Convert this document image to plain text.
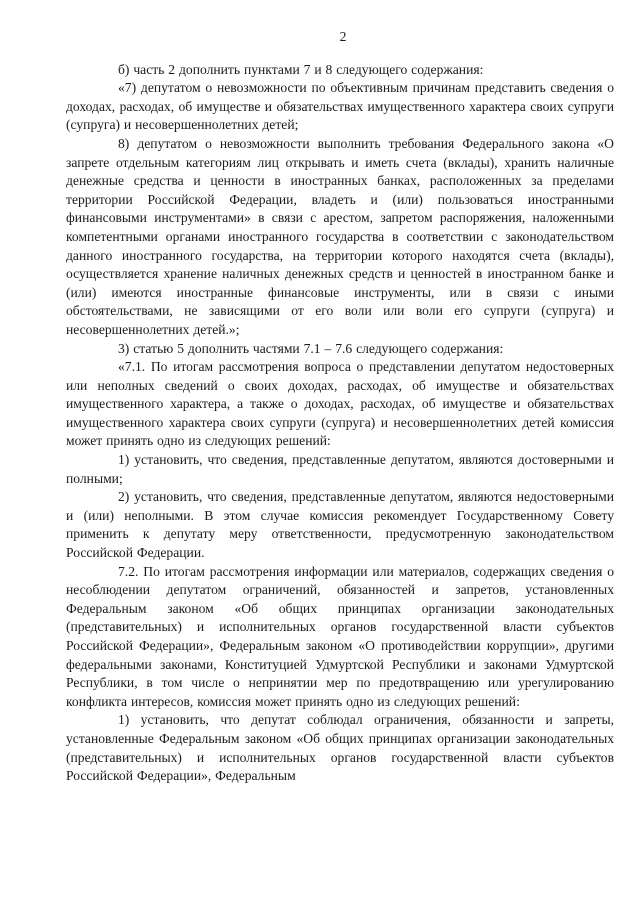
2

б) часть 2 дополнить пунктами 7 и 8 следующего содержания:

«7) депутатом о невозможности по объективным причинам представить сведения о доходах, расходах, об имуществе и обязательствах имущественного характера своих супруги (супруга) и несовершеннолетних детей;

8) депутатом о невозможности выполнить требования Федерального закона «О запрете отдельным категориям лиц открывать и иметь счета (вклады), хранить наличные денежные средства и ценности в иностранных банках, расположенных за пределами территории Российской Федерации, владеть и (или) пользоваться иностранными финансовыми инструментами» в связи с арестом, запретом распоряжения, наложенными компетентными органами иностранного государства в соответствии с законодательством данного иностранного государства, на территории которого находятся счета (вклады), осуществляется хранение наличных денежных средств и ценностей в иностранном банке и (или) имеются иностранные финансовые инструменты, или в связи с иными обстоятельствами, не зависящими от его воли или воли его супруги (супруга) и несовершеннолетних детей.»;

3) статью 5 дополнить частями 7.1 – 7.6 следующего содержания:

«7.1. По итогам рассмотрения вопроса о представлении депутатом недостоверных или неполных сведений о своих доходах, расходах, об имуществе и обязательствах имущественного характера, а также о доходах, расходах, об имуществе и обязательствах имущественного характера своих супруги (супруга) и несовершеннолетних детей комиссия может принять одно из следующих решений:

1) установить, что сведения, представленные депутатом, являются достоверными и полными;

2) установить, что сведения, представленные депутатом, являются недостоверными и (или) неполными. В этом случае комиссия рекомендует Государственному Совету применить к депутату меру ответственности, предусмотренную законодательством Российской Федерации.

7.2. По итогам рассмотрения информации или материалов, содержащих сведения о несоблюдении депутатом ограничений, обязанностей и запретов, установленных Федеральным законом «Об общих принципах организации законодательных (представительных) и исполнительных органов государственной власти субъектов Российской Федерации», Федеральным законом «О противодействии коррупции», другими федеральными законами, Конституцией Удмуртской Республики и законами Удмуртской Республики, в том числе о непринятии мер по предотвращению или урегулированию конфликта интересов, комиссия может принять одно из следующих решений:

1) установить, что депутат соблюдал ограничения, обязанности и запреты, установленные Федеральным законом «Об общих принципах организации законодательных (представительных) и исполнительных органов государственной власти субъектов Российской Федерации», Федеральным
